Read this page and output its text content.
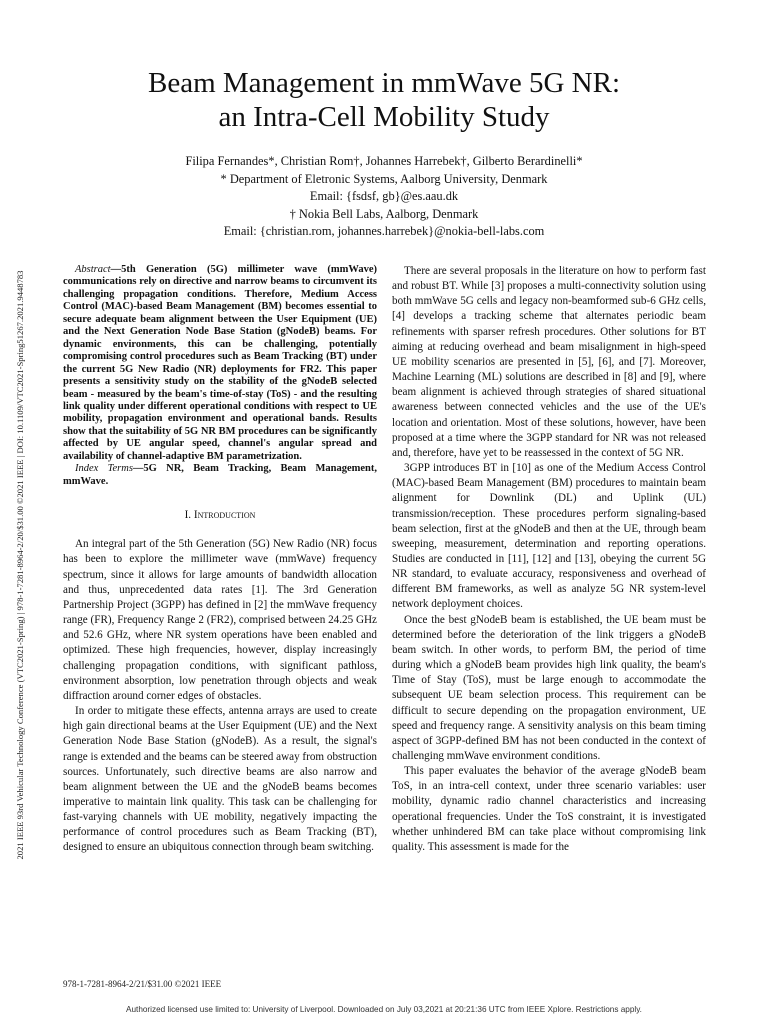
2021 IEEE 93rd Vehicular Technology Conference (VTC2021-Spring) | 978-1-7281-8964-2/20/$31.00 ©2021 IEEE | DOI: 10.1109/VTC2021-Spring51267.2021.9448783
Beam Management in mmWave 5G NR:
an Intra-Cell Mobility Study
Filipa Fernandes*, Christian Rom†, Johannes Harrebek†, Gilberto Berardinelli*
* Department of Eletronic Systems, Aalborg University, Denmark
Email: {fsdsf, gb}@es.aau.dk
† Nokia Bell Labs, Aalborg, Denmark
Email: {christian.rom, johannes.harrebek}@nokia-bell-labs.com

Abstract—5th Generation (5G) millimeter wave (mmWave) communications rely on directive and narrow beams to circumvent its challenging propagation conditions. Therefore, Medium Access Control (MAC)-based Beam Management (BM) becomes essential to secure adequate beam alignment between the User Equipment (UE) and the Next Generation Node Base Station (gNodeB) beams. For dynamic environments, this can be challenging, potentially compromising control procedures such as Beam Tracking (BT) under the current 5G New Radio (NR) deployments for FR2. This paper presents a sensitivity study on the stability of the gNodeB selected beam - measured by the beam's time-of-stay (ToS) - and the resulting link quality under different operational conditions with respect to UE mobility, propagation environment and operational bands. Results show that the suitability of 5G NR BM procedures can be significantly affected by UE angular speed, channel's angular spread and availability of channel-adaptive BM parametrization.

Index Terms—5G NR, Beam Tracking, Beam Management, mmWave.

I. Introduction

An integral part of the 5th Generation (5G) New Radio (NR) focus has been to explore the millimeter wave (mmWave) frequency spectrum, since it allows for large amounts of bandwidth allocation and thus, unprecedented data rates [1]. The 3rd Generation Partnership Project (3GPP) has defined in [2] the mmWave frequency range (FR), Frequency Range 2 (FR2), comprised between 24.25 GHz and 52.6 GHz, where NR system operations have been enabled and optimized. These high frequencies, however, display increasingly challenging propagation conditions, with significant pathloss, environment absorption, low penetration through objects and weak diffraction around corner edges of obstacles.

In order to mitigate these effects, antenna arrays are used to create high gain directional beams at the User Equipment (UE) and the Next Generation Node Base Station (gNodeB). As a result, the signal's range is extended and the beams can be steered away from obstruction sources. Unfortunately, such directive beams are also narrow and beam alignment between the UE and the gNodeB beams becomes imperative to maintain link quality. This task can be challenging for fast-varying channels with UE mobility, negatively impacting the performance of control procedures such as Beam Tracking (BT), designed to ensure an ubiquitous connection through beam switching.

There are several proposals in the literature on how to perform fast and robust BT. While [3] proposes a multi-connectivity solution using both mmWave 5G cells and legacy non-beamformed sub-6 GHz cells, [4] develops a tracking scheme that alternates periodic beam refinements with sparser refresh procedures. Other solutions for BT aiming at reducing overhead and beam misalignment in high-speed UE mobility scenarios are presented in [5], [6], and [7]. Moreover, Machine Learning (ML) solutions are described in [8] and [9], where beam alignment is achieved through strategies of shared situational awareness between connected vehicles and the use of the UE's location and orientation. Most of these solutions, however, have been proposed at a time where the 3GPP standard for NR was not released and, therefore, have yet to be reassessed in the context of 5G NR.

3GPP introduces BT in [10] as one of the Medium Access Control (MAC)-based Beam Management (BM) procedures to maintain beam alignment for Downlink (DL) and Uplink (UL) transmission/reception. These procedures perform signaling-based beam selection, first at the gNodeB and then at the UE, through beam sweeping, measurement, determination and reporting operations. Studies are conducted in [11], [12] and [13], obeying the current 5G NR standard, to evaluate accuracy, responsiveness and overhead of different BM frameworks, as well as analyze 5G NR system-level network deployment choices.

Once the best gNodeB beam is established, the UE beam must be determined before the deterioration of the link triggers a gNodeB beam switch. In other words, to perform BM, the period of time during which a gNodeB beam provides high link quality, the beam's Time of Stay (ToS), must be large enough to accommodate the subsequent UE beam selection process. This requirement can be difficult to secure depending on the propagation environment, UE speed and frequency range. A sensitivity analysis on this beam timing aspect of 3GPP-defined BM has not been conducted in the context of challenging mmWave environment conditions.

This paper evaluates the behavior of the average gNodeB beam ToS, in an intra-cell context, under three scenario variables: user mobility, dynamic radio channel characteristics and increasing operational frequencies. Under the ToS constraint, it is investigated whether unhindered BM can take place without compromising link quality. This assessment is made for the

978-1-7281-8964-2/21/$31.00 ©2021 IEEE
Authorized licensed use limited to: University of Liverpool. Downloaded on July 03,2021 at 20:21:36 UTC from IEEE Xplore. Restrictions apply.
